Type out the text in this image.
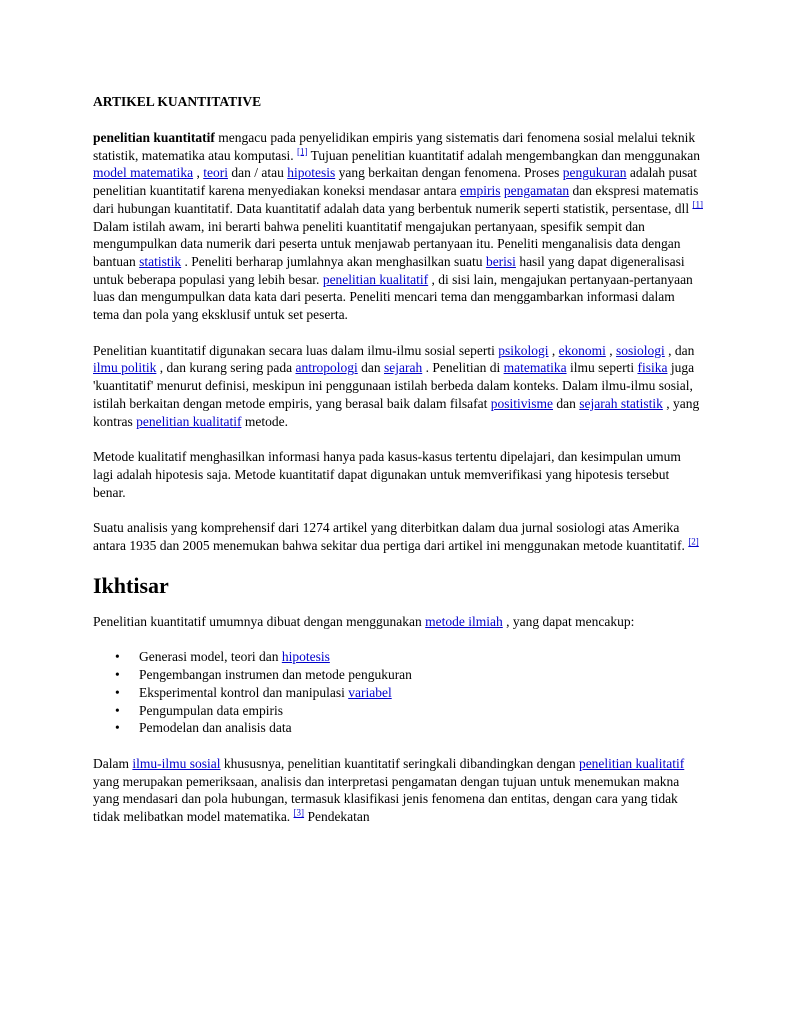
ARTIKEL KUANTITATIVE

penelitian kuantitatif mengacu pada penyelidikan empiris yang sistematis dari fenomena sosial melalui teknik statistik, matematika atau komputasi. [1] Tujuan penelitian kuantitatif adalah mengembangkan dan menggunakan model matematika , teori dan / atau hipotesis yang berkaitan dengan fenomena. Proses pengukuran adalah pusat penelitian kuantitatif karena menyediakan koneksi mendasar antara empiris pengamatan dan ekspresi matematis dari hubungan kuantitatif. Data kuantitatif adalah data yang berbentuk numerik seperti statistik, persentase, dll [1] Dalam istilah awam, ini berarti bahwa peneliti kuantitatif mengajukan pertanyaan, spesifik sempit dan mengumpulkan data numerik dari peserta untuk menjawab pertanyaan itu. Peneliti menganalisis data dengan bantuan statistik . Peneliti berharap jumlahnya akan menghasilkan suatu berisi hasil yang dapat digeneralisasi untuk beberapa populasi yang lebih besar. penelitian kualitatif , di sisi lain, mengajukan pertanyaan-pertanyaan luas dan mengumpulkan data kata dari peserta. Peneliti mencari tema dan menggambarkan informasi dalam tema dan pola yang eksklusif untuk set peserta.

Penelitian kuantitatif digunakan secara luas dalam ilmu-ilmu sosial seperti psikologi , ekonomi , sosiologi , dan ilmu politik , dan kurang sering pada antropologi dan sejarah . Penelitian di matematika ilmu seperti fisika juga 'kuantitatif' menurut definisi, meskipun ini penggunaan istilah berbeda dalam konteks. Dalam ilmu-ilmu sosial, istilah berkaitan dengan metode empiris, yang berasal baik dalam filsafat positivisme dan sejarah statistik , yang kontras penelitian kualitatif metode.

Metode kualitatif menghasilkan informasi hanya pada kasus-kasus tertentu dipelajari, dan kesimpulan umum lagi adalah hipotesis saja. Metode kuantitatif dapat digunakan untuk memverifikasi yang hipotesis tersebut benar.

Suatu analisis yang komprehensif dari 1274 artikel yang diterbitkan dalam dua jurnal sosiologi atas Amerika antara 1935 dan 2005 menemukan bahwa sekitar dua pertiga dari artikel ini menggunakan metode kuantitatif. [2]

Ikhtisar

Penelitian kuantitatif umumnya dibuat dengan menggunakan metode ilmiah , yang dapat mencakup:

• Generasi model, teori dan hipotesis
• Pengembangan instrumen dan metode pengukuran
• Eksperimental kontrol dan manipulasi variabel
• Pengumpulan data empiris
• Pemodelan dan analisis data

Dalam ilmu-ilmu sosial khususnya, penelitian kuantitatif seringkali dibandingkan dengan penelitian kualitatif yang merupakan pemeriksaan, analisis dan interpretasi pengamatan dengan tujuan untuk menemukan makna yang mendasari dan pola hubungan, termasuk klasifikasi jenis fenomena dan entitas, dengan cara yang tidak tidak melibatkan model matematika. [3] Pendekatan
